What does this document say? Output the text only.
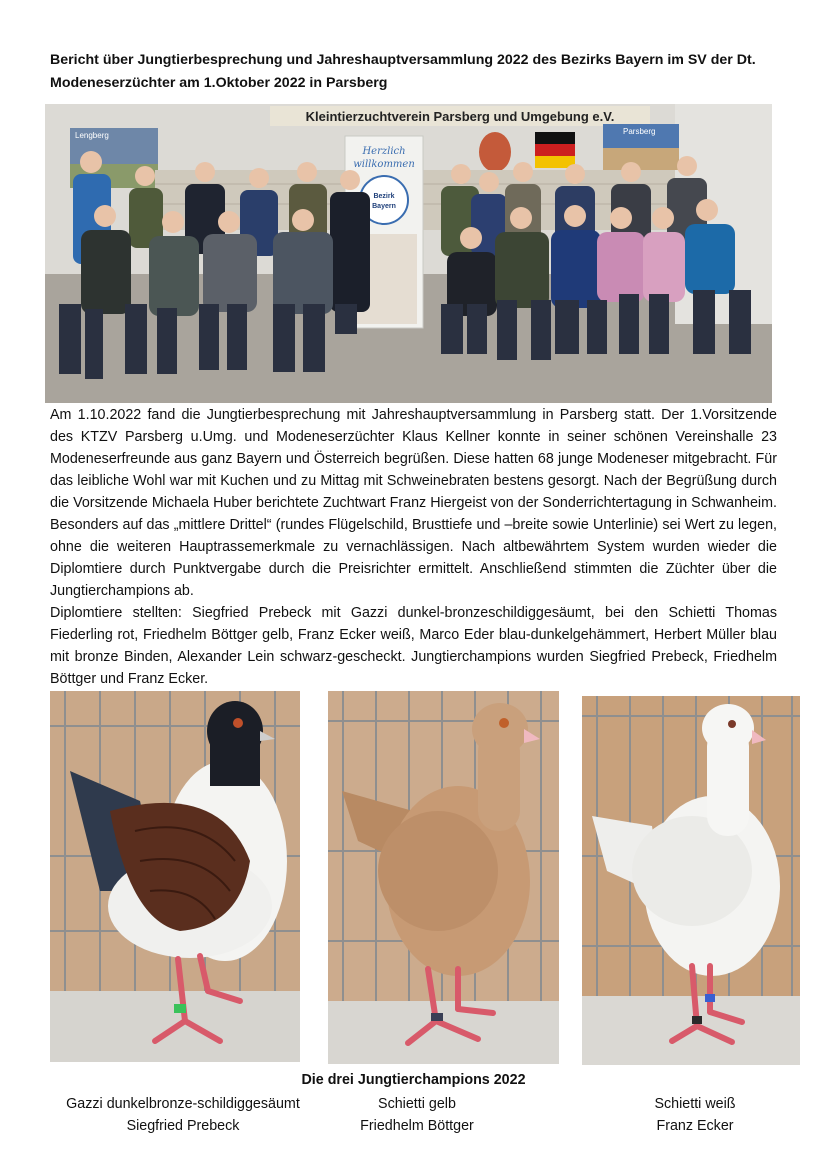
Bericht über Jungtierbesprechung und Jahreshauptversammlung 2022 des Bezirks Bayern im SV der Dt. Modeneserzüchter am 1.Oktober 2022 in Parsberg
Kleintierzuchtverein Parsberg und Umgebung e.V.
Lengberg	Parsberg
Herzlich
willkommen
Bezirk
Bayern

Am 1.10.2022 fand die Jungtierbesprechung mit Jahreshauptversammlung in Parsberg statt. Der 1.Vorsitzende des KTZV Parsberg u.Umg. und Modeneserzüchter Klaus Kellner konnte in seiner schönen Vereinshalle 23 Modeneserfreunde aus ganz Bayern und Österreich begrüßen. Diese hatten 68 junge Modeneser mitgebracht. Für das leibliche Wohl war mit Kuchen und zu Mittag mit Schweinebraten bestens gesorgt. Nach der Begrüßung durch die Vorsitzende Michaela Huber berichtete Zuchtwart Franz Hiergeist von der Sonderrichtertagung in Schwanheim. Besonders auf das „mittlere Drittel“ (rundes Flügelschild, Brusttiefe und –breite sowie Unterlinie) sei Wert zu legen, ohne die weiteren Hauptrassemerkmale zu vernachlässigen. Nach altbewährtem System wurden wieder die Diplomtiere durch Punktvergabe durch die Preisrichter ermittelt. Anschließend stimmten die Züchter über die Jungtierchampions ab.

Diplomtiere stellten: Siegfried Prebeck mit Gazzi dunkel-bronzeschildiggesäumt, bei den Schietti Thomas Fiederling rot, Friedhelm Böttger gelb, Franz Ecker weiß, Marco Eder blau-dunkelgehämmert, Herbert Müller blau mit bronze Binden, Alexander Lein schwarz-gescheckt. Jungtierchampions wurden Siegfried Prebeck, Friedhelm Böttger und Franz Ecker.

Die drei Jungtierchampions 2022
Gazzi dunkelbronze-schildiggesäumt
Siegfried Prebeck
Schietti gelb
Friedhelm Böttger
Schietti weiß
Franz Ecker
